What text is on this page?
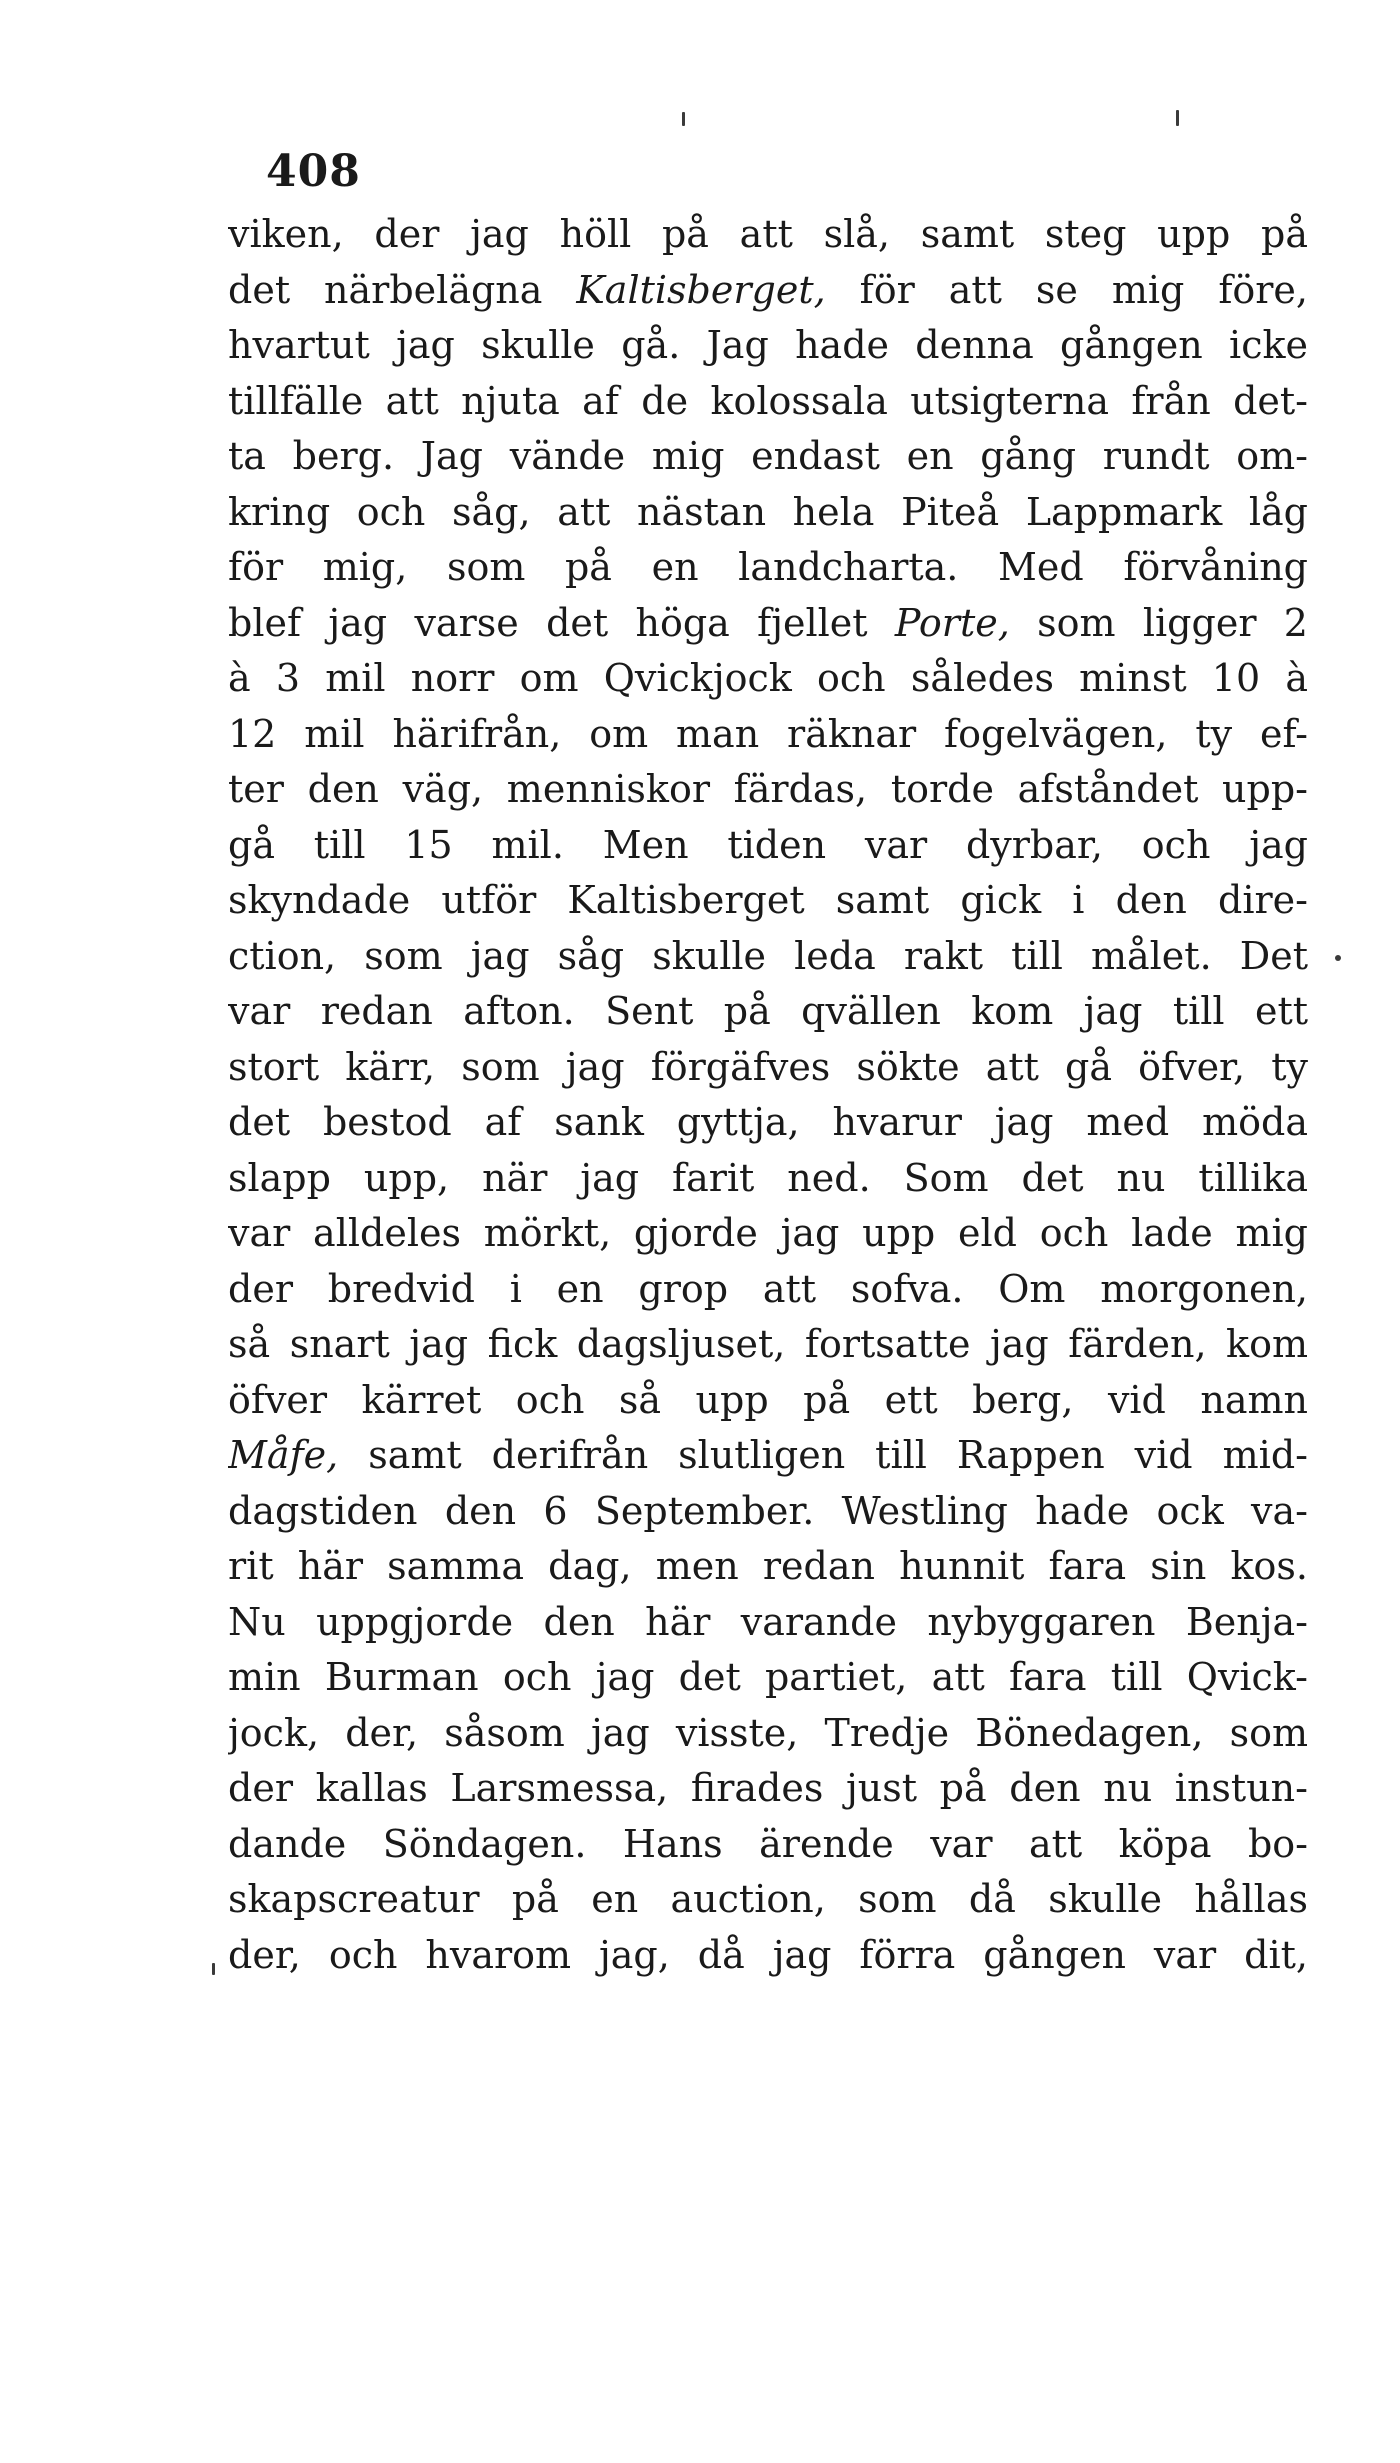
408
viken, der jag höll på att slå, samt steg upp på
det närbelägna Kaltisberget, för att se mig före,
hvartut jag skulle gå. Jag hade denna gången icke
tillfälle att njuta af de kolossala utsigterna från det-
ta berg. Jag vände mig endast en gång rundt om-
kring och såg, att nästan hela Piteå Lappmark låg
för mig, som på en landcharta. Med förvåning
blef jag varse det höga fjellet Porte, som ligger 2
à 3 mil norr om Qvickjock och således minst 10 à
12 mil härifrån, om man räknar fogelvägen, ty ef-
ter den väg, menniskor färdas, torde afståndet upp-
gå till 15 mil. Men tiden var dyrbar, och jag
skyndade utför Kaltisberget samt gick i den dire-
ction, som jag såg skulle leda rakt till målet. Det
var redan afton. Sent på qvällen kom jag till ett
stort kärr, som jag förgäfves sökte att gå öfver, ty
det bestod af sank gyttja, hvarur jag med möda
slapp upp, när jag farit ned. Som det nu tillika
var alldeles mörkt, gjorde jag upp eld och lade mig
der bredvid i en grop att sofva. Om morgonen,
så snart jag fick dagsljuset, fortsatte jag färden, kom
öfver kärret och så upp på ett berg, vid namn
Måfe, samt derifrån slutligen till Rappen vid mid-
dagstiden den 6 September. Westling hade ock va-
rit här samma dag, men redan hunnit fara sin kos.
Nu uppgjorde den här varande nybyggaren Benja-
min Burman och jag det partiet, att fara till Qvick-
jock, der, såsom jag visste, Tredje Bönedagen, som
der kallas Larsmessa, firades just på den nu instun-
dande Söndagen. Hans ärende var att köpa bo-
skapscreatur på en auction, som då skulle hållas
der, och hvarom jag, då jag förra gången var dit,
